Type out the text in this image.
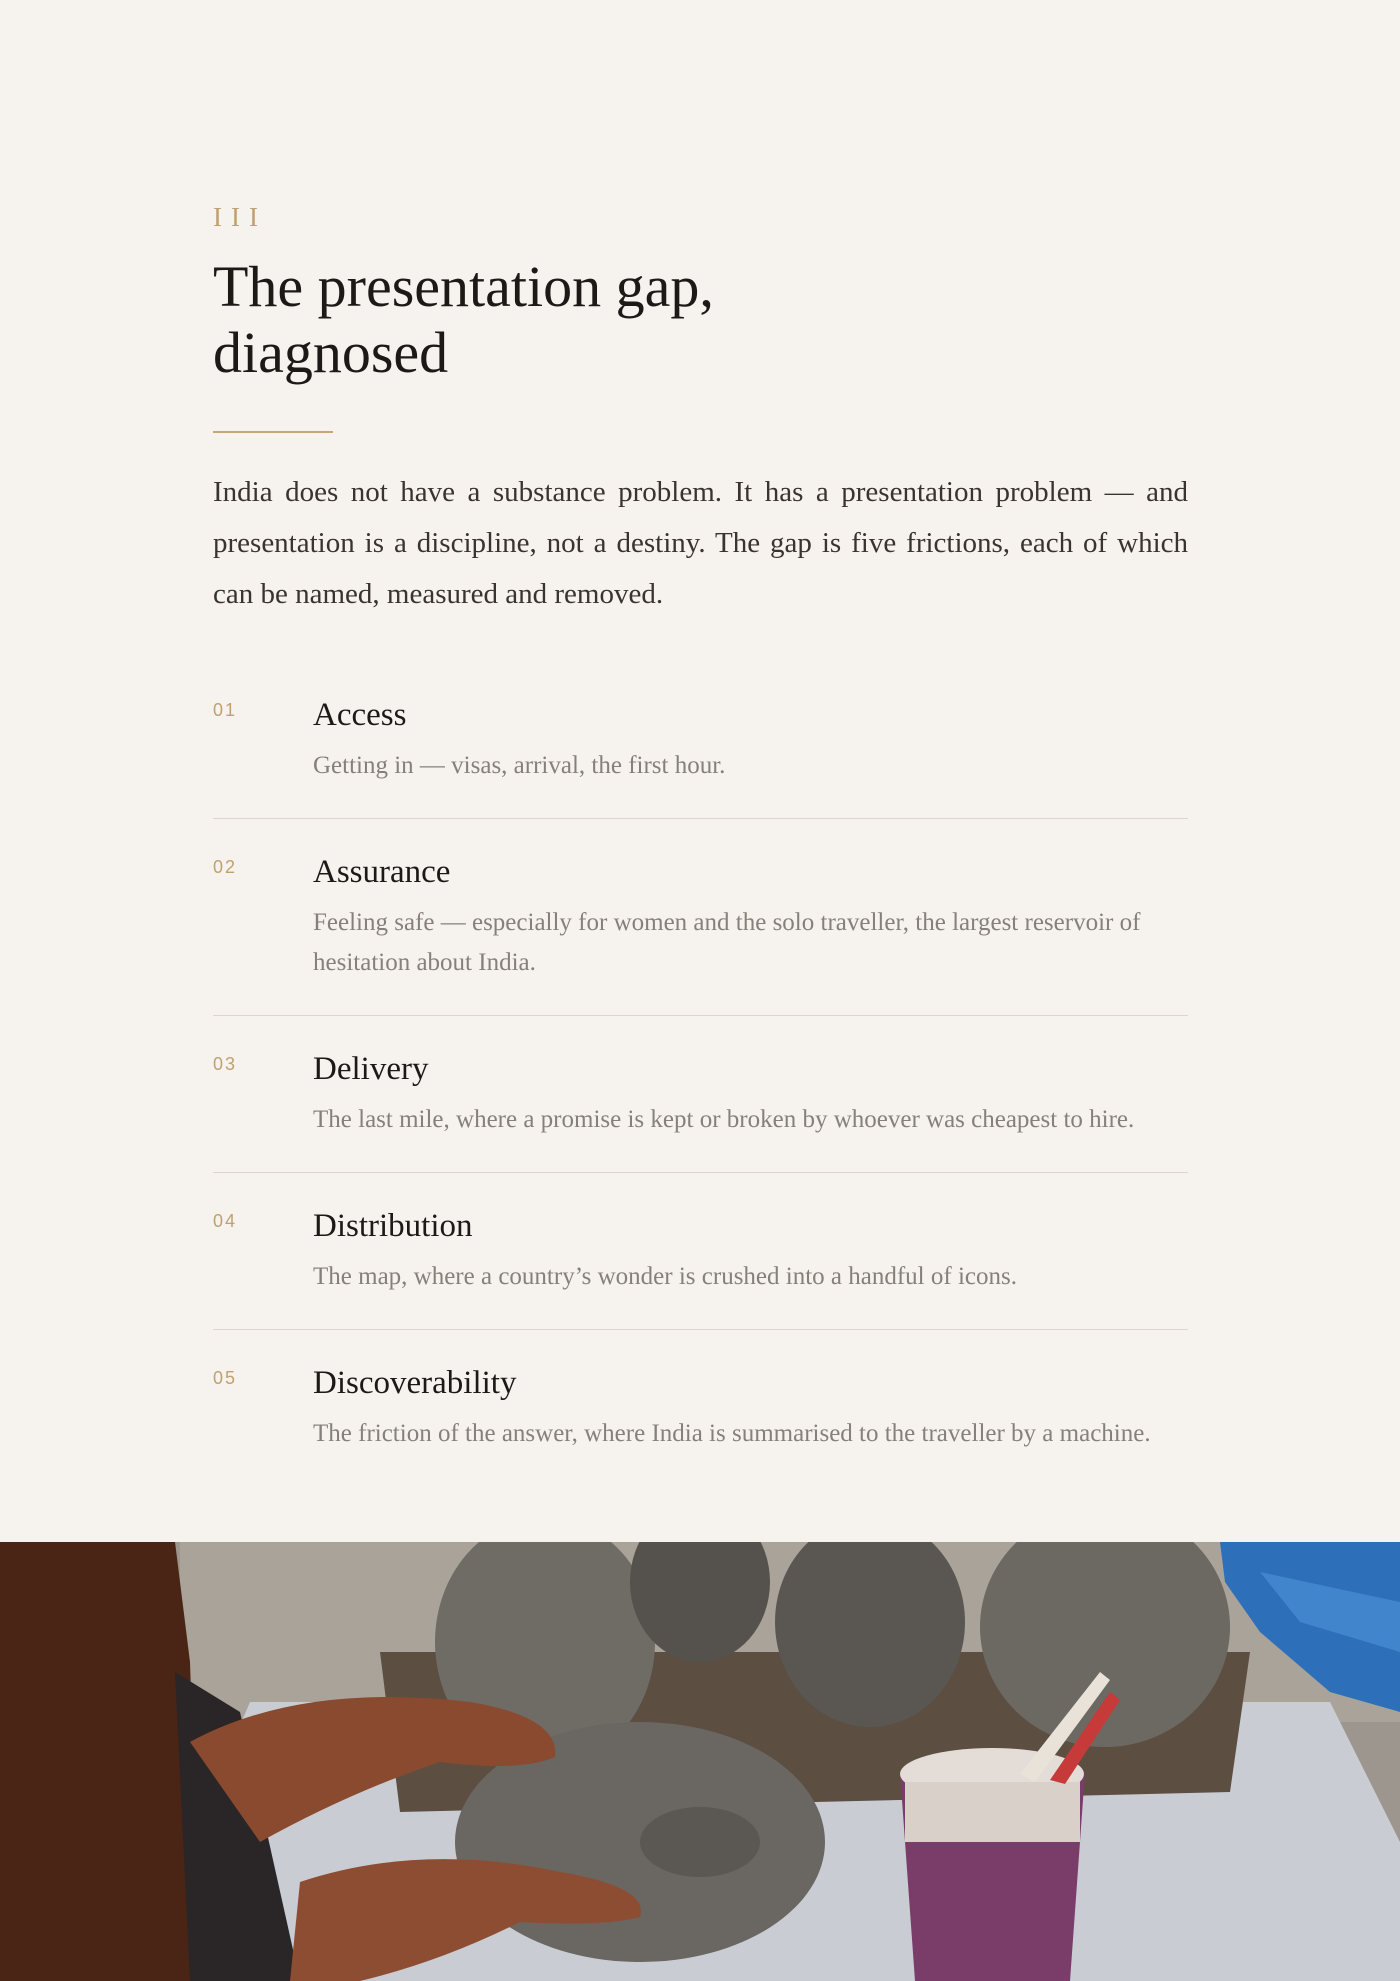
III
The presentation gap, diagnosed

India does not have a substance problem. It has a presentation problem — and presentation is a discipline, not a destiny. The gap is five frictions, each of which can be named, measured and removed.

01 Access

Getting in — visas, arrival, the first hour.

02 Assurance

Feeling safe — especially for women and the solo traveller, the largest reservoir of hesitation about India.

03 Delivery

The last mile, where a promise is kept or broken by whoever was cheapest to hire.

04 Distribution

The map, where a country’s wonder is crushed into a handful of icons.

05 Discoverability

The friction of the answer, where India is summarised to the traveller by a machine.
